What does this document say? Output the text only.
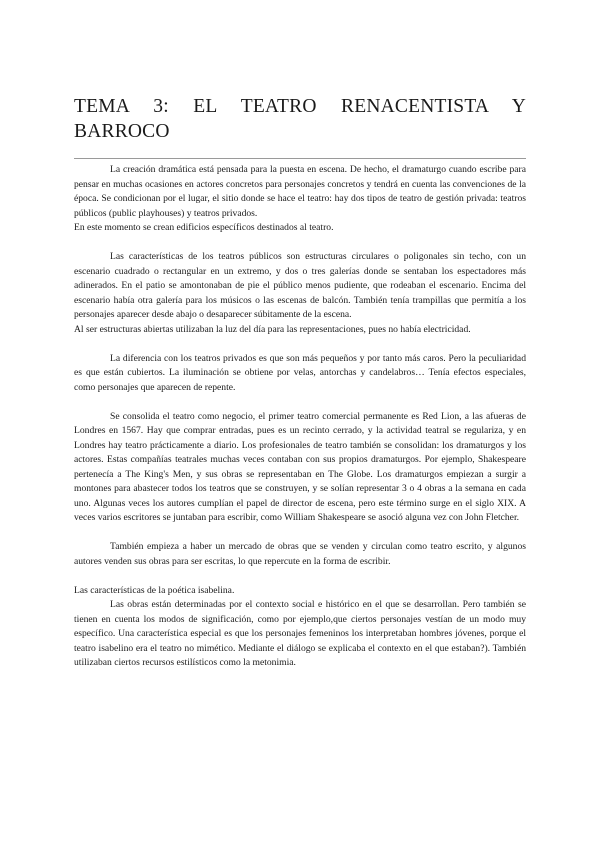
TEMA 3: EL TEATRO RENACENTISTA Y BARROCO

La creación dramática está pensada para la puesta en escena. De hecho, el dramaturgo cuando escribe para pensar en muchas ocasiones en actores concretos para personajes concretos y tendrá en cuenta las convenciones de la época. Se condicionan por el lugar, el sitio donde se hace el teatro: hay dos tipos de teatro de gestión privada: teatros públicos (public playhouses) y teatros privados.

En este momento se crean edificios específicos destinados al teatro.

Las características de los teatros públicos son estructuras circulares o poligonales sin techo, con un escenario cuadrado o rectangular en un extremo, y dos o tres galerías donde se sentaban los espectadores más adinerados. En el patio se amontonaban de pie el público menos pudiente, que rodeaban el escenario. Encima del escenario había otra galería para los músicos o las escenas de balcón. También tenía trampillas que permitía a los personajes aparecer desde abajo o desaparecer súbitamente de la escena.

Al ser estructuras abiertas utilizaban la luz del día para las representaciones, pues no había electricidad.

La diferencia con los teatros privados es que son más pequeños y por tanto más caros. Pero la peculiaridad es que están cubiertos. La iluminación se obtiene por velas, antorchas y candelabros… Tenía efectos especiales, como personajes que aparecen de repente.

Se consolida el teatro como negocio, el primer teatro comercial permanente es Red Lion, a las afueras de Londres en 1567. Hay que comprar entradas, pues es un recinto cerrado, y la actividad teatral se regulariza, y en Londres hay teatro prácticamente a diario. Los profesionales de teatro también se consolidan: los dramaturgos y los actores. Estas compañías teatrales muchas veces contaban con sus propios dramaturgos. Por ejemplo, Shakespeare pertenecía a The King's Men, y sus obras se representaban en The Globe. Los dramaturgos empiezan a surgir a montones para abastecer todos los teatros que se construyen, y se solían representar 3 o 4 obras a la semana en cada uno. Algunas veces los autores cumplían el papel de director de escena, pero este término surge en el siglo XIX. A veces varios escritores se juntaban para escribir, como William Shakespeare se asoció alguna vez con John Fletcher.

También empieza a haber un mercado de obras que se venden y circulan como teatro escrito, y algunos autores venden sus obras para ser escritas, lo que repercute en la forma de escribir.

Las características de la poética isabelina.

Las obras están determinadas por el contexto social e histórico en el que se desarrollan. Pero también se tienen en cuenta los modos de significación, como por ejemplo,que ciertos personajes vestían de un modo muy específico. Una característica especial es que los personajes femeninos los interpretaban hombres jóvenes, porque el teatro isabelino era el teatro no mimético. Mediante el diálogo se explicaba el contexto en el que estaban?). También utilizaban ciertos recursos estilísticos como la metonimia.
